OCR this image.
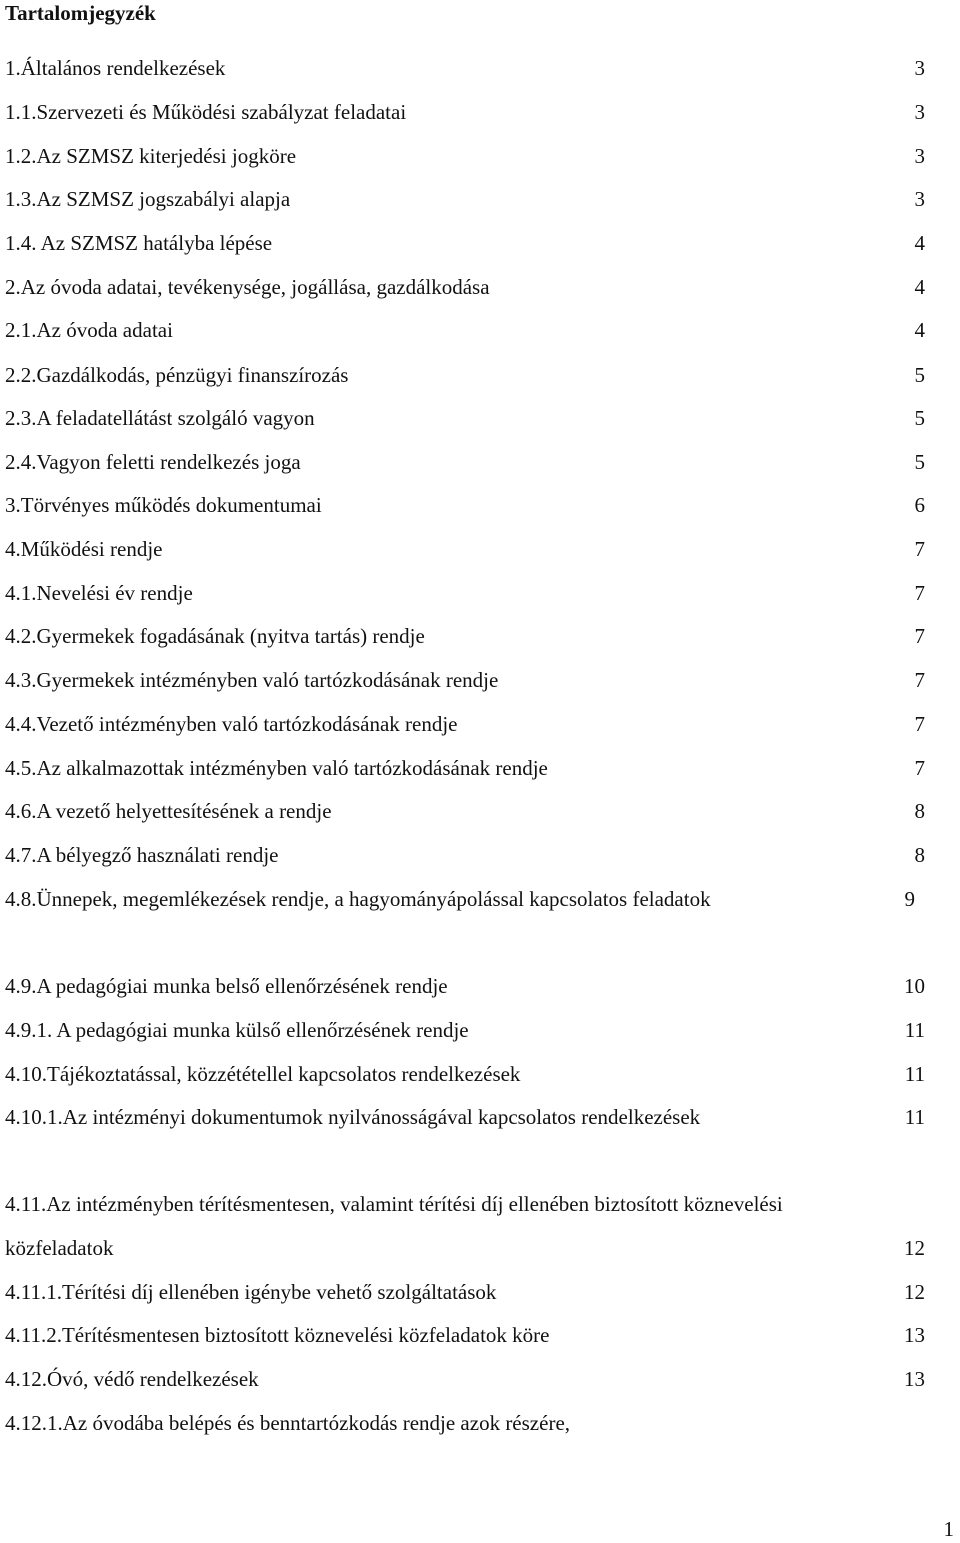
Tartalomjegyzék
1.Általános rendelkezések	3
1.1.Szervezeti és Működési szabályzat feladatai	3
1.2.Az SZMSZ kiterjedési jogköre	3
1.3.Az SZMSZ jogszabályi alapja	3
1.4. Az SZMSZ hatályba lépése	4
2.Az óvoda adatai, tevékenysége, jogállása, gazdálkodása	4
2.1.Az óvoda adatai	4
2.2.Gazdálkodás, pénzügyi finanszírozás	5
2.3.A feladatellátást szolgáló vagyon	5
2.4.Vagyon feletti rendelkezés joga	5
3.Törvényes működés dokumentumai	6
4.Működési rendje	7
4.1.Nevelési év rendje	7
4.2.Gyermekek fogadásának (nyitva tartás) rendje	7
4.3.Gyermekek intézményben való tartózkodásának rendje	7
4.4.Vezető intézményben való tartózkodásának rendje	7
4.5.Az alkalmazottak intézményben való tartózkodásának rendje	7
4.6.A vezető helyettesítésének a rendje	8
4.7.A bélyegző használati rendje	8
4.8.Ünnepek, megemlékezések rendje, a hagyományápolással kapcsolatos feladatok	9
4.9.A pedagógiai munka belső ellenőrzésének rendje	10
4.9.1. A pedagógiai munka külső ellenőrzésének rendje	11
4.10.Tájékoztatással, közzététellel kapcsolatos rendelkezések	11
4.10.1.Az intézményi dokumentumok nyilvánosságával kapcsolatos rendelkezések	11
4.11.Az intézményben térítésmentesen, valamint térítési díj ellenében biztosított köznevelési
közfeladatok	12
4.11.1.Térítési díj ellenében igénybe vehető szolgáltatások	12
4.11.2.Térítésmentesen biztosított köznevelési közfeladatok köre	13
4.12.Óvó, védő rendelkezések	13
4.12.1.Az óvodába belépés és benntartózkodás rendje azok részére,
1
